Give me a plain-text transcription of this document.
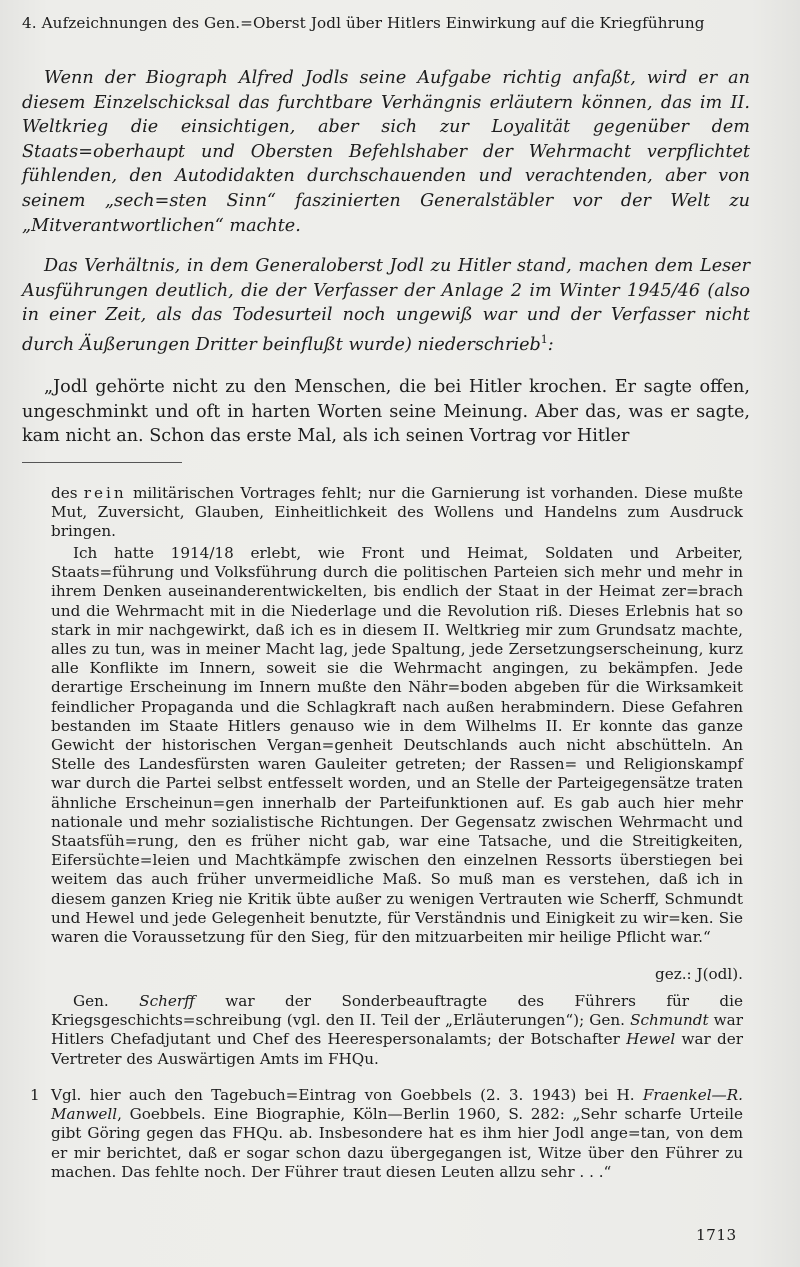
4. Aufzeichnungen des Gen.=Oberst Jodl über Hitlers Einwirkung auf die Kriegführung

Wenn der Biograph Alfred Jodls seine Aufgabe richtig anfaßt, wird er an diesem Einzelschicksal das furchtbare Verhängnis erläutern können, das im II. Weltkrieg die einsichtigen, aber sich zur Loyalität gegenüber dem Staats=oberhaupt und Obersten Befehlshaber der Wehrmacht verpflichtet fühlenden, den Autodidakten durchschauenden und verachtenden, aber von seinem „sech=sten Sinn“ faszinierten Generalstäbler vor der Welt zu „Mitverantwortlichen“ machte.

Das Verhältnis, in dem Generaloberst Jodl zu Hitler stand, machen dem Leser Ausführungen deutlich, die der Verfasser der Anlage 2 im Winter 1945/46 (also in einer Zeit, als das Todesurteil noch ungewiß war und der Verfasser nicht durch Äußerungen Dritter beinflußt wurde) niederschrieb$^1$:

„Jodl gehörte nicht zu den Menschen, die bei Hitler krochen. Er sagte offen, ungeschminkt und oft in harten Worten seine Meinung. Aber das, was er sagte, kam nicht an. Schon das erste Mal, als ich seinen Vortrag vor Hitler

des rein militärischen Vortrages fehlt; nur die Garnierung ist vorhanden. Diese mußte Mut, Zuversicht, Glauben, Einheitlichkeit des Wollens und Handelns zum Ausdruck bringen.

Ich hatte 1914/18 erlebt, wie Front und Heimat, Soldaten und Arbeiter, Staats=führung und Volksführung durch die politischen Parteien sich mehr und mehr in ihrem Denken auseinanderentwickelten, bis endlich der Staat in der Heimat zer=brach und die Wehrmacht mit in die Niederlage und die Revolution riß. Dieses Erlebnis hat so stark in mir nachgewirkt, daß ich es in diesem II. Weltkrieg mir zum Grundsatz machte, alles zu tun, was in meiner Macht lag, jede Spaltung, jede Zersetzungserscheinung, kurz alle Konflikte im Innern, soweit sie die Wehrmacht angingen, zu bekämpfen. Jede derartige Erscheinung im Innern mußte den Nähr=boden abgeben für die Wirksamkeit feindlicher Propaganda und die Schlagkraft nach außen herabmindern. Diese Gefahren bestanden im Staate Hitlers genauso wie in dem Wilhelms II. Er konnte das ganze Gewicht der historischen Vergan=genheit Deutschlands auch nicht abschütteln. An Stelle des Landesfürsten waren Gauleiter getreten; der Rassen= und Religionskampf war durch die Partei selbst entfesselt worden, und an Stelle der Parteigegensätze traten ähnliche Erscheinun=gen innerhalb der Parteifunktionen auf. Es gab auch hier mehr nationale und mehr sozialistische Richtungen. Der Gegensatz zwischen Wehrmacht und Staatsfüh=rung, den es früher nicht gab, war eine Tatsache, und die Streitigkeiten, Eifersüchte=leien und Machtkämpfe zwischen den einzelnen Ressorts überstiegen bei weitem das auch früher unvermeidliche Maß. So muß man es verstehen, daß ich in diesem ganzen Krieg nie Kritik übte außer zu wenigen Vertrauten wie Scherff, Schmundt und Hewel und jede Gelegenheit benutzte, für Verständnis und Einigkeit zu wir=ken. Sie waren die Voraussetzung für den Sieg, für den mitzuarbeiten mir heilige Pflicht war.“

gez.: J(odl).

Gen. Scherff war der Sonderbeauftragte des Führers für die Kriegsgeschichts=schreibung (vgl. den II. Teil der „Erläuterungen“); Gen. Schmundt war Hitlers Chefadjutant und Chef des Heerespersonalamts; der Botschafter Hewel war der Vertreter des Auswärtigen Amts im FHQu.

1 Vgl. hier auch den Tagebuch=Eintrag von Goebbels (2. 3. 1943) bei H. Fraenkel—R. Manwell, Goebbels. Eine Biographie, Köln—Berlin 1960, S. 282: „Sehr scharfe Urteile gibt Göring gegen das FHQu. ab. Insbesondere hat es ihm hier Jodl ange=tan, von dem er mir berichtet, daß er sogar schon dazu übergegangen ist, Witze über den Führer zu machen. Das fehlte noch. Der Führer traut diesen Leuten allzu sehr . . .“

1713
